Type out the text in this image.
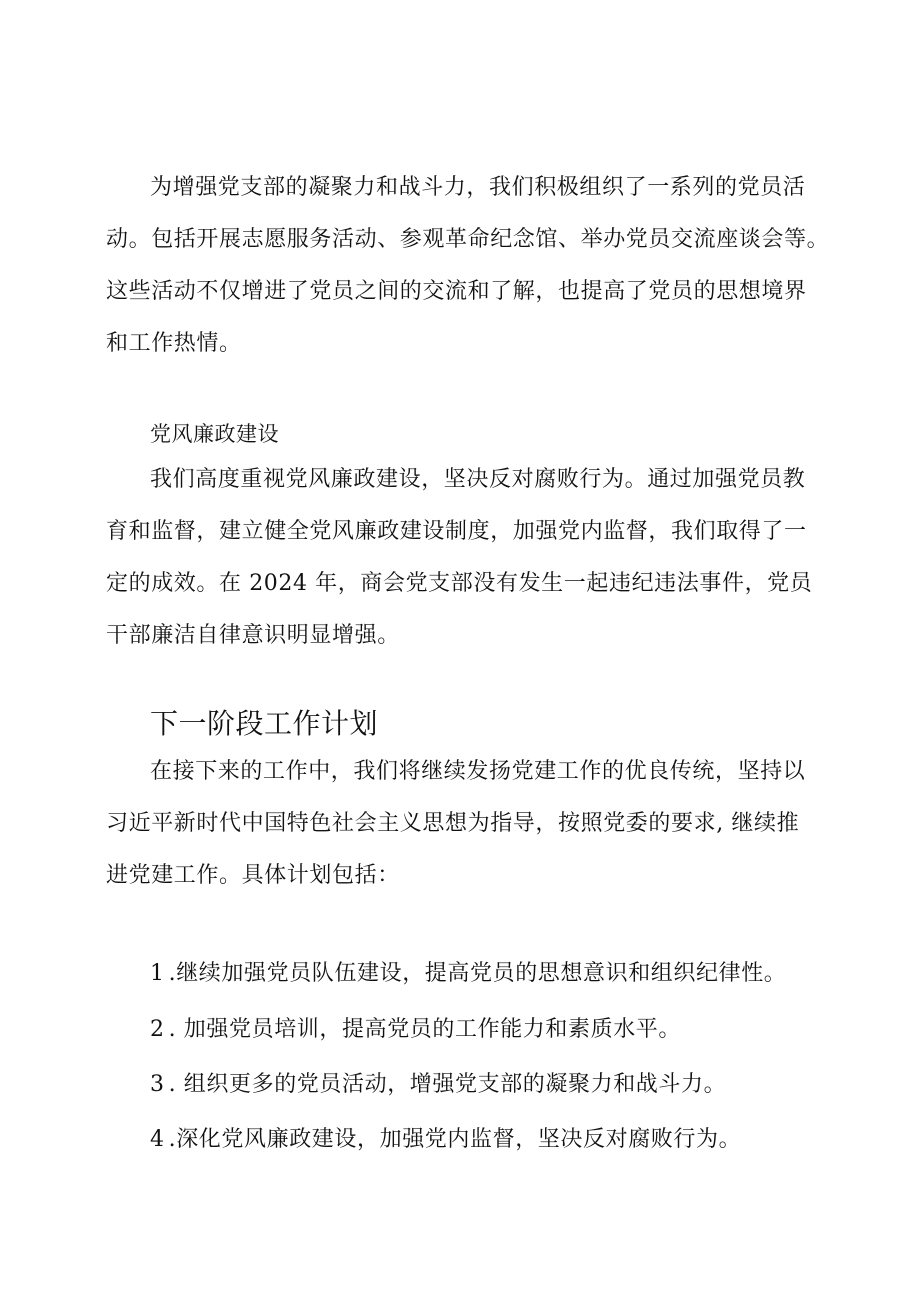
为增强党支部的凝聚力和战斗力，我们积极组织了一系列的党员活
动。包括开展志愿服务活动、参观革命纪念馆、举办党员交流座谈会等。
这些活动不仅增进了党员之间的交流和了解，也提高了党员的思想境界
和工作热情。

党风廉政建设

我们高度重视党风廉政建设，坚决反对腐败行为。通过加强党员教
育和监督，建立健全党风廉政建设制度，加强党内监督，我们取得了一
定的成效。在 2024 年，商会党支部没有发生一起违纪违法事件，党员
干部廉洁自律意识明显增强。

下一阶段工作计划

在接下来的工作中，我们将继续发扬党建工作的优良传统，坚持以
习近平新时代中国特色社会主义思想为指导，按照党委的要求, 继续推
进党建工作。具体计划包括：

1 .继续加强党员队伍建设，提高党员的思想意识和组织纪律性。

2 . 加强党员培训，提高党员的工作能力和素质水平。

3 . 组织更多的党员活动，增强党支部的凝聚力和战斗力。

4 .深化党风廉政建设，加强党内监督，坚决反对腐败行为。
